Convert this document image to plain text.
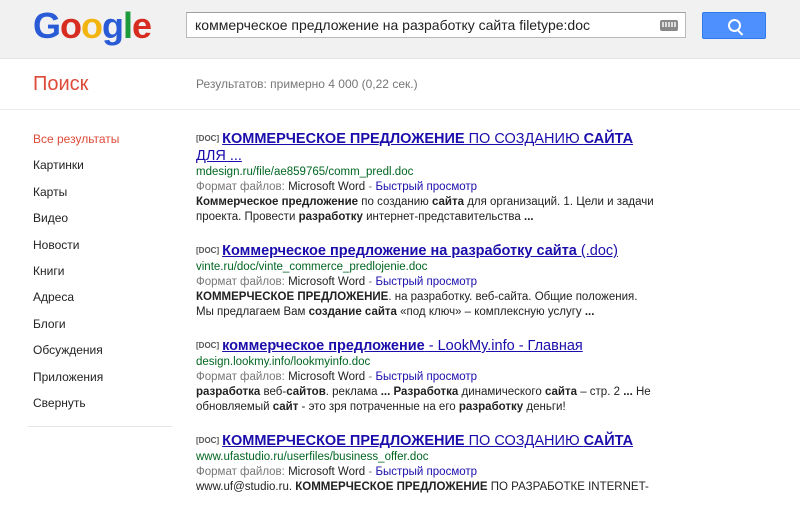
Google
коммерческое предложение на разработку сайта filetype:doc
Поиск	Результатов: примерно 4 000 (0,22 сек.)
Все результаты
Картинки
Карты
Видео
Новости
Книги
Адреса
Блоги
Обсуждения
Приложения
Свернуть
[DOC] КОММЕРЧЕСКОЕ ПРЕДЛОЖЕНИЕ ПО СОЗДАНИЮ САЙТА ДЛЯ ...
mdesign.ru/file/ae859765/comm_predl.doc
Формат файлов: Microsoft Word - Быстрый просмотр
Коммерческое предложение по созданию сайта для организаций. 1. Цели и задачи проекта. Провести разработку интернет-представительства ...
[DOC] Коммерческое предложение на разработку сайта (.doc)
vinte.ru/doc/vinte_commerce_predlojenie.doc
Формат файлов: Microsoft Word - Быстрый просмотр
КОММЕРЧЕСКОЕ ПРЕДЛОЖЕНИЕ. на разработку. веб-сайта. Общие положения. Мы предлагаем Вам создание сайта «под ключ» – комплексную услугу ...
[DOC] коммерческое предложение - LookMy.info - Главная
design.lookmy.info/lookmyinfo.doc
Формат файлов: Microsoft Word - Быстрый просмотр
разработка веб-сайтов. реклама ... Разработка динамического сайта – стр. 2 ... Не обновляемый сайт - это зря потраченные на его разработку деньги!
[DOC] КОММЕРЧЕСКОЕ ПРЕДЛОЖЕНИЕ ПО СОЗДАНИЮ САЙТА
www.ufastudio.ru/userfiles/business_offer.doc
Формат файлов: Microsoft Word - Быстрый просмотр
www.uf@studio.ru. КОММЕРЧЕСКОЕ ПРЕДЛОЖЕНИЕ ПО РАЗРАБОТКЕ INTERNET-
